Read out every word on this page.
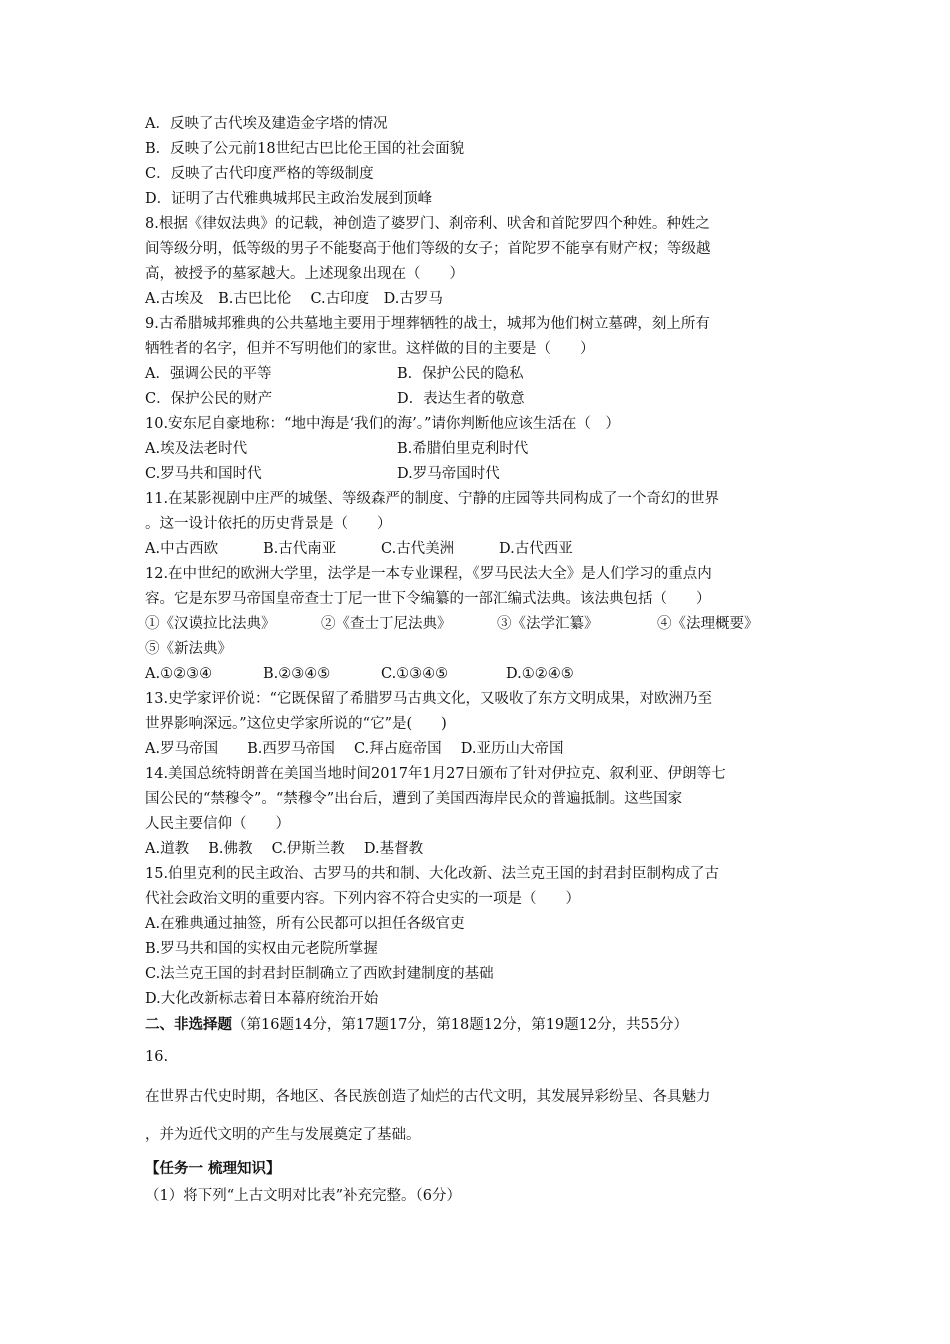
A．反映了古代埃及建造金字塔的情况
B．反映了公元前18世纪古巴比伦王国的社会面貌
C．反映了古代印度严格的等级制度
D．证明了古代雅典城邦民主政治发展到顶峰
8.根据《律奴法典》的记载，神创造了婆罗门、刹帝利、吠舍和首陀罗四个种姓。种姓之
间等级分明，低等级的男子不能娶高于他们等级的女子；首陀罗不能享有财产权；等级越
高，被授予的墓冢越大。上述现象出现在（　　）
A.古埃及　B.古巴比伦　 C.古印度　D.古罗马
9.古希腊城邦雅典的公共墓地主要用于埋葬牺牲的战士，城邦为他们树立墓碑，刻上所有
牺牲者的名字，但并不写明他们的家世。这样做的目的主要是（　　）
A．强调公民的平等	B．保护公民的隐私
C．保护公民的财产	D．表达生者的敬意
10.安东尼自豪地称：“地中海是‘我们的海’。”请你判断他应该生活在（　）
A.埃及法老时代	B.希腊伯里克利时代
C.罗马共和国时代	D.罗马帝国时代
11.在某影视剧中庄严的城堡、等级森严的制度、宁静的庄园等共同构成了一个奇幻的世界
。这一设计依托的历史背景是（　　）
A.中古西欧	B.古代南亚	C.古代美洲	D.古代西亚
12.在中世纪的欧洲大学里，法学是一本专业课程，《罗马民法大全》是人们学习的重点内
容。它是东罗马帝国皇帝查士丁尼一世下令编纂的一部汇编式法典。该法典包括（　　）
①《汉谟拉比法典》	②《查士丁尼法典》	③《法学汇纂》	④《法理概要》
⑤《新法典》
A.①②③④	B.②③④⑤	C.①③④⑤	D.①②④⑤
13.史学家评价说：“它既保留了希腊罗马古典文化，又吸收了东方文明成果，对欧洲乃至
世界影响深远。”这位史学家所说的“它”是(　　)
A.罗马帝国　　B.西罗马帝国　 C.拜占庭帝国　 D.亚历山大帝国
14.美国总统特朗普在美国当地时间2017年1月27日颁布了针对伊拉克、叙利亚、伊朗等七
国公民的“禁穆令”。“禁穆令”出台后，遭到了美国西海岸民众的普遍抵制。这些国家
人民主要信仰（　　）
A.道教　 B.佛教　 C.伊斯兰教　 D.基督教
15.伯里克利的民主政治、古罗马的共和制、大化改新、法兰克王国的封君封臣制构成了古
代社会政治文明的重要内容。下列内容不符合史实的一项是（　　）
A.在雅典通过抽签，所有公民都可以担任各级官吏
B.罗马共和国的实权由元老院所掌握
C.法兰克王国的封君封臣制确立了西欧封建制度的基础
D.大化改新标志着日本幕府统治开始
二、非选择题（第16题14分，第17题17分，第18题12分，第19题12分，共55分）
16.
在世界古代史时期，各地区、各民族创造了灿烂的古代文明，其发展异彩纷呈、各具魅力
，并为近代文明的产生与发展奠定了基础。
【任务一 梳理知识】
（1）将下列“上古文明对比表”补充完整。（6分）
